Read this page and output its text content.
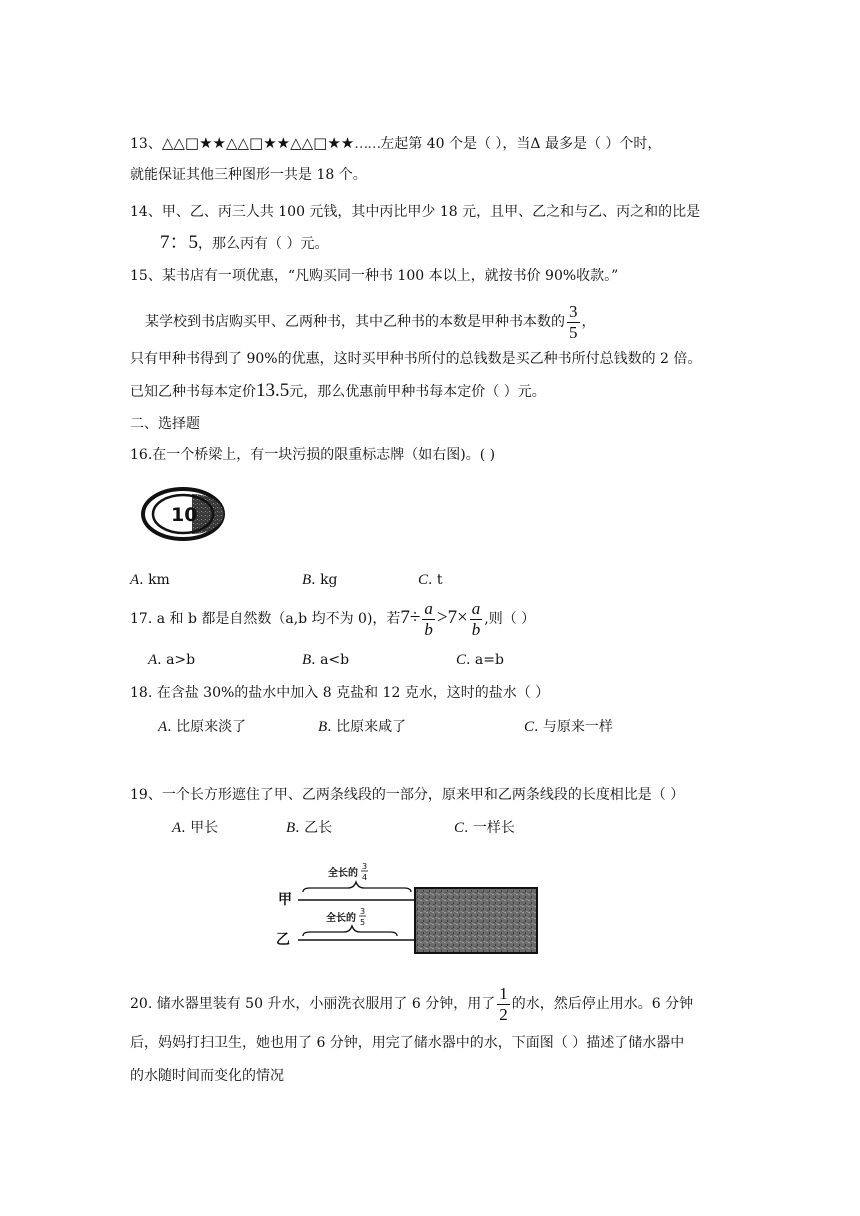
13、△△□★★△△□★★△△□★★……左起第 40 个是（ ），当Δ 最多是（ ）个时，
就能保证其他三种图形一共是 18 个。
14、甲、乙、丙三人共 100 元钱，其中丙比甲少 18 元，且甲、乙之和与乙、丙之和的比是
7：5，那么丙有（ ）元。
15、某书店有一项优惠，“凡购买同一种书 100 本以上，就按书价 90%收款。”
某学校到书店购买甲、乙两种书，其中乙种书的本数是甲种书本数的 $\frac{3}{5}$ ，
只有甲种书得到了 90%的优惠，这时买甲种书所付的总钱数是买乙种书所付总钱数的 2 倍。
已知乙种书每本定价13.5元，那么优惠前甲种书每本定价（ ）元。
二、选择题
16.在一个桥梁上，有一块污损的限重标志牌（如右图)。( )
10
A. km	B. kg	C. t
17. a 和 b 都是自然数（a,b 均不为 0)，若$7\div \frac{a}{b} >7\times \frac{a}{b}$ ,则（ ）
A. a>b	B. a<b	C. a=b
18. 在含盐 30%的盐水中加入 8 克盐和 12 克水，这时的盐水（ ）
A. 比原来淡了	B. 比原来咸了	C. 与原来一样
19、一个长方形遮住了甲、乙两条线段的一部分，原来甲和乙两条线段的长度相比是（ ）
A. 甲长	B. 乙长	C. 一样长
甲
全长的
3
4
乙
全长的
3
5
20. 储水器里装有 50 升水，小丽洗衣服用了 6 分钟，用了 $\frac{1}{2}$ 的水，然后停止用水。6 分钟
后，妈妈打扫卫生，她也用了 6 分钟，用完了储水器中的水，下面图（ ）描述了储水器中
的水随时间而变化的情况
